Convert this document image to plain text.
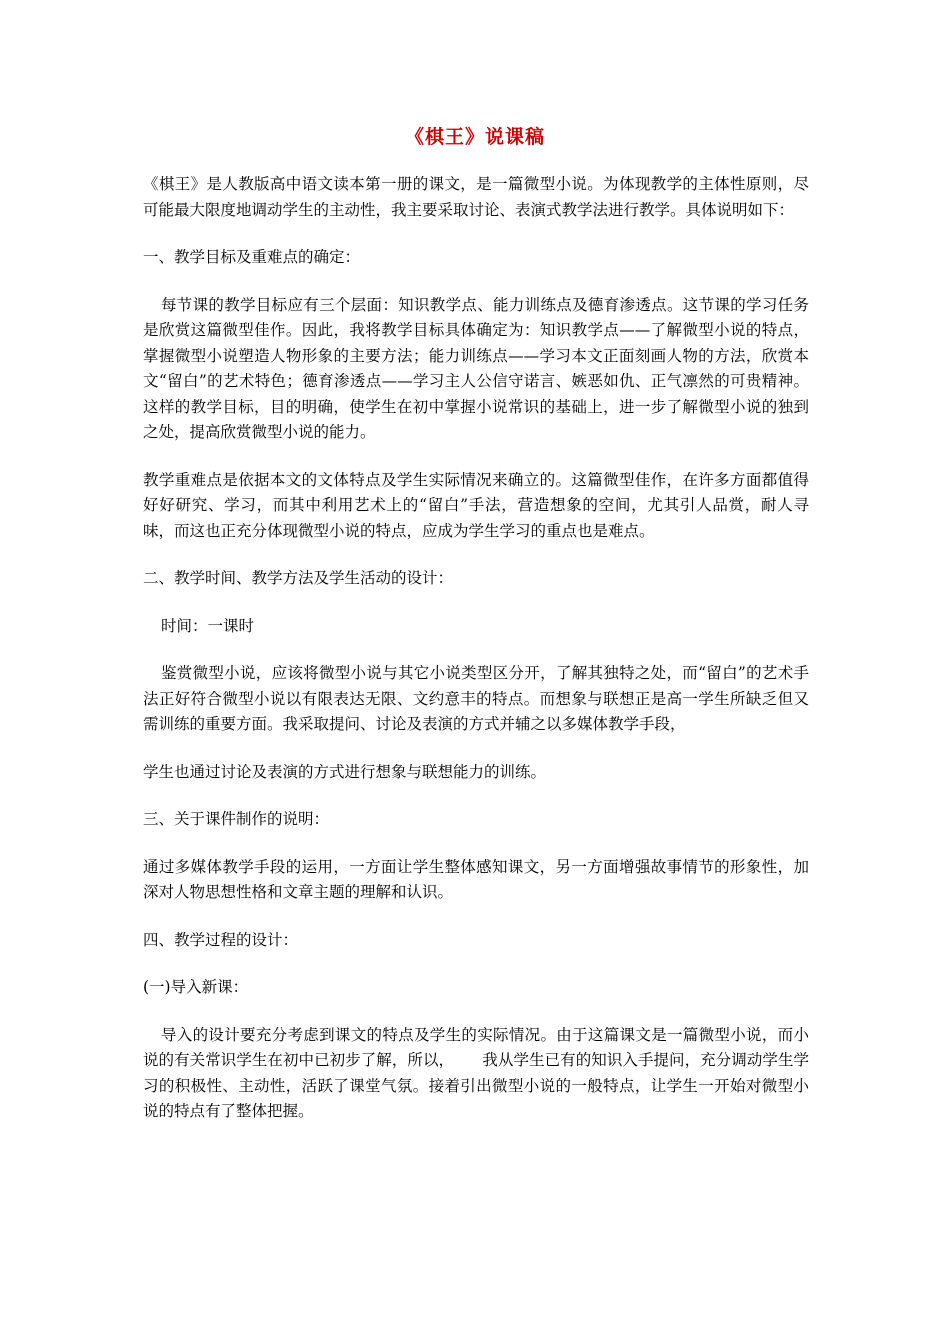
《棋王》说课稿

《棋王》是人教版高中语文读本第一册的课文，是一篇微型小说。为体现教学的主体性原则，尽可能最大限度地调动学生的主动性，我主要采取讨论、表演式教学法进行教学。具体说明如下：

一、教学目标及重难点的确定：

每节课的教学目标应有三个层面：知识教学点、能力训练点及德育渗透点。这节课的学习任务是欣赏这篇微型佳作。因此，我将教学目标具体确定为：知识教学点——了解微型小说的特点，掌握微型小说塑造人物形象的主要方法；能力训练点——学习本文正面刻画人物的方法，欣赏本文“留白”的艺术特色；德育渗透点——学习主人公信守诺言、嫉恶如仇、正气凛然的可贵精神。这样的教学目标，目的明确，使学生在初中掌握小说常识的基础上，进一步了解微型小说的独到之处，提高欣赏微型小说的能力。

教学重难点是依据本文的文体特点及学生实际情况来确立的。这篇微型佳作，在许多方面都值得好好研究、学习，而其中利用艺术上的“留白”手法，营造想象的空间，尤其引人品赏，耐人寻味，而这也正充分体现微型小说的特点，应成为学生学习的重点也是难点。

二、教学时间、教学方法及学生活动的设计：

时间：一课时

鉴赏微型小说，应该将微型小说与其它小说类型区分开，了解其独特之处，而“留白”的艺术手法正好符合微型小说以有限表达无限、文约意丰的特点。而想象与联想正是高一学生所缺乏但又需训练的重要方面。我采取提问、讨论及表演的方式并辅之以多媒体教学手段，

学生也通过讨论及表演的方式进行想象与联想能力的训练。

三、关于课件制作的说明：

通过多媒体教学手段的运用，一方面让学生整体感知课文，另一方面增强故事情节的形象性，加深对人物思想性格和文章主题的理解和认识。

四、教学过程的设计：

(一)导入新课：

导入的设计要充分考虑到课文的特点及学生的实际情况。由于这篇课文是一篇微型小说，而小说的有关常识学生在初中已初步了解，所以，　　 我从学生已有的知识入手提问，充分调动学生学习的积极性、主动性，活跃了课堂气氛。接着引出微型小说的一般特点，让学生一开始对微型小说的特点有了整体把握。
